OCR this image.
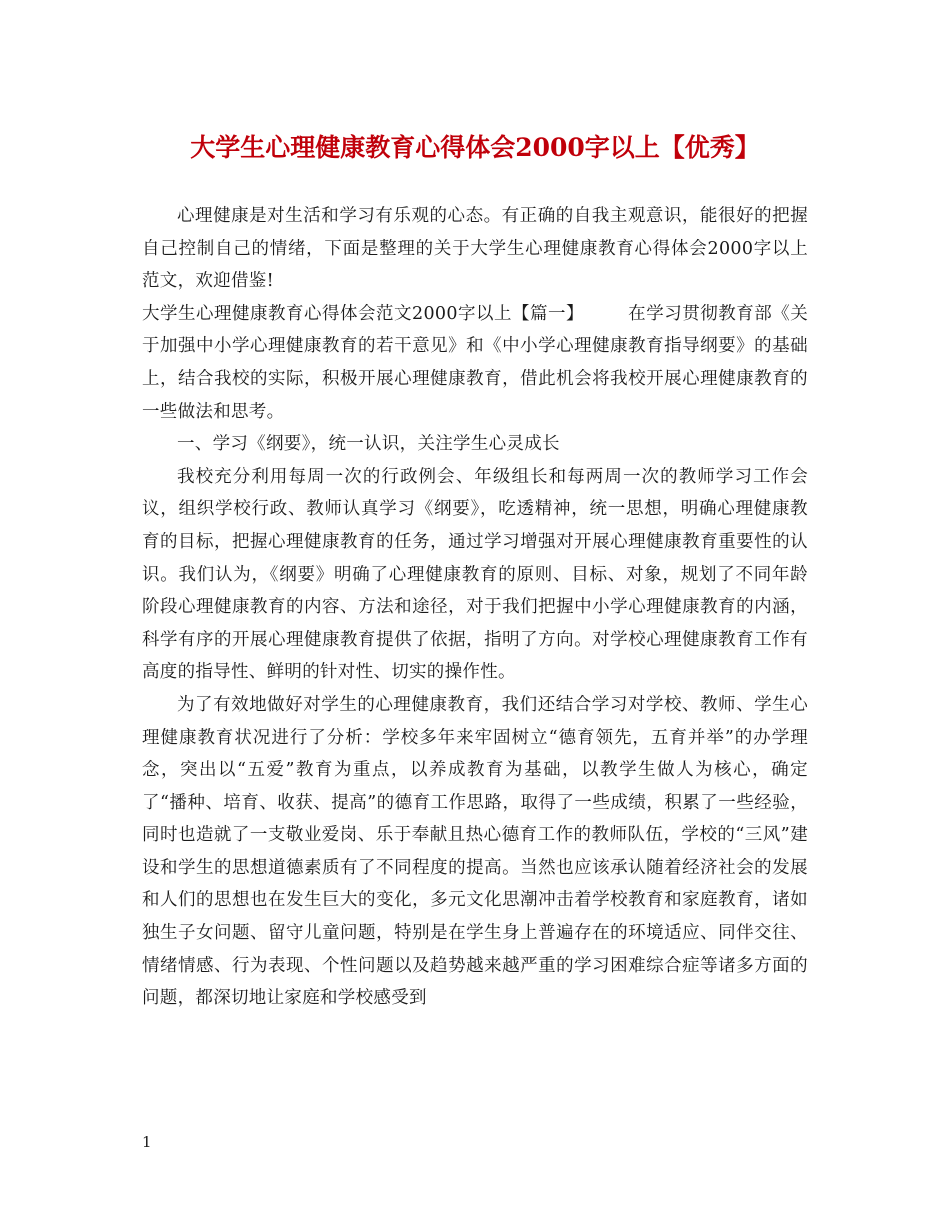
大学生心理健康教育心得体会2000字以上【优秀】

心理健康是对生活和学习有乐观的心态。有正确的自我主观意识，能很好的把握自己控制自己的情绪，下面是整理的关于大学生心理健康教育心得体会2000字以上范文，欢迎借鉴!

大学生心理健康教育心得体会范文2000字以上【篇一】	在学习贯彻教育部《关于加强中小学心理健康教育的若干意见》和《中小学心理健康教育指导纲要》的基础上，结合我校的实际，积极开展心理健康教育，借此机会将我校开展心理健康教育的一些做法和思考。

一、学习《纲要》，统一认识，关注学生心灵成长

我校充分利用每周一次的行政例会、年级组长和每两周一次的教师学习工作会议，组织学校行政、教师认真学习《纲要》，吃透精神，统一思想，明确心理健康教育的目标，把握心理健康教育的任务，通过学习增强对开展心理健康教育重要性的认识。我们认为，《纲要》明确了心理健康教育的原则、目标、对象，规划了不同年龄阶段心理健康教育的内容、方法和途径，对于我们把握中小学心理健康教育的内涵，科学有序的开展心理健康教育提供了依据，指明了方向。对学校心理健康教育工作有高度的指导性、鲜明的针对性、切实的操作性。

为了有效地做好对学生的心理健康教育，我们还结合学习对学校、教师、学生心理健康教育状况进行了分析：学校多年来牢固树立“德育领先，五育并举”的办学理念，突出以“五爱”教育为重点，以养成教育为基础，以教学生做人为核心，确定了“播种、培育、收获、提高”的德育工作思路，取得了一些成绩，积累了一些经验，同时也造就了一支敬业爱岗、乐于奉献且热心德育工作的教师队伍，学校的“三风”建设和学生的思想道德素质有了不同程度的提高。当然也应该承认随着经济社会的发展和人们的思想也在发生巨大的变化，多元文化思潮冲击着学校教育和家庭教育，诸如独生子女问题、留守儿童问题，特别是在学生身上普遍存在的环境适应、同伴交往、情绪情感、行为表现、个性问题以及趋势越来越严重的学习困难综合症等诸多方面的问题，都深切地让家庭和学校感受到

1
